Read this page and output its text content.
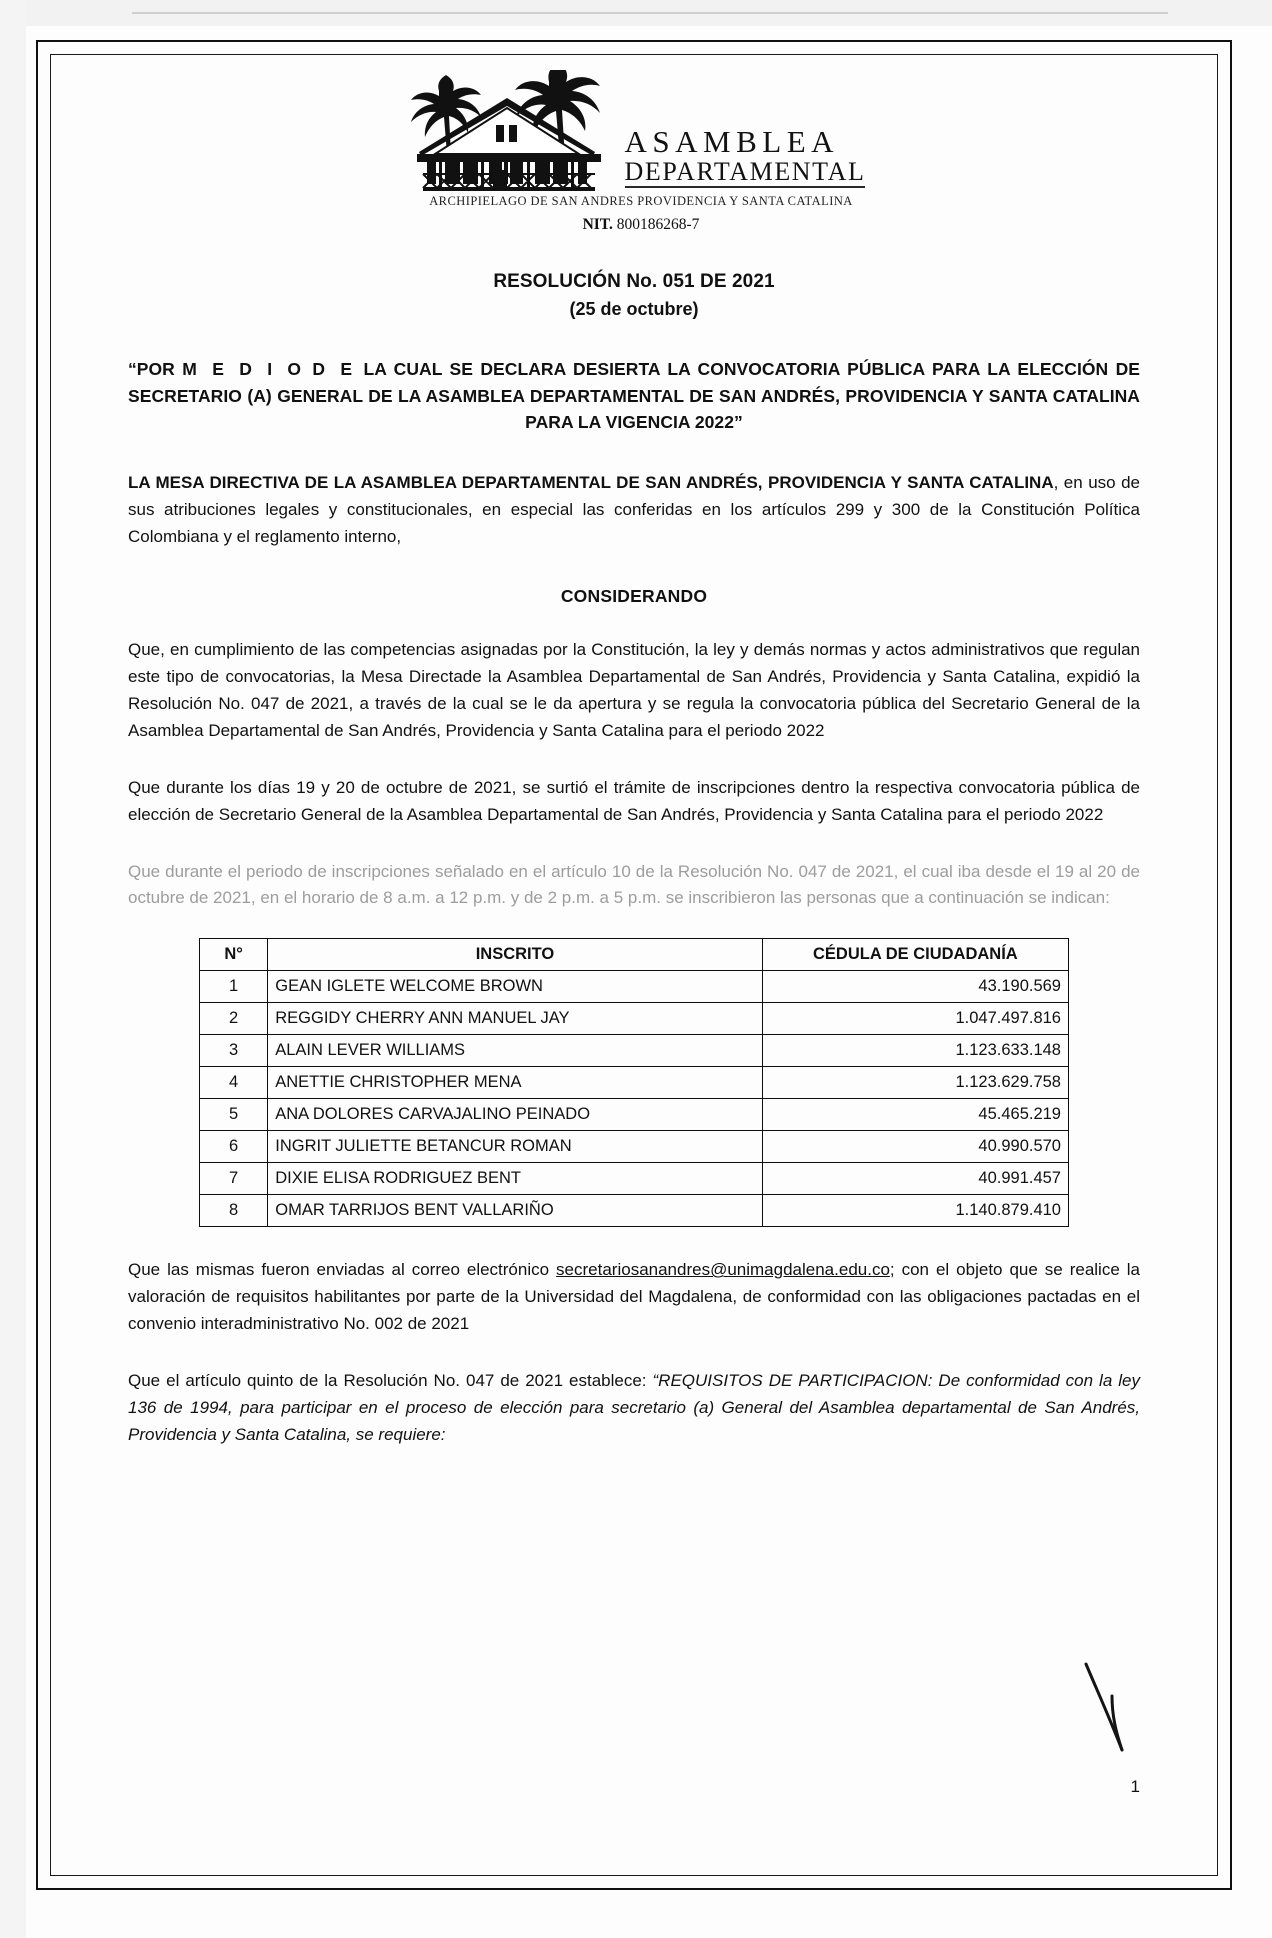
ASAMBLEA
DEPARTAMENTAL
ARCHIPIELAGO DE SAN ANDRES PROVIDENCIA Y SANTA CATALINA
NIT. 800186268-7
RESOLUCIÓN No. 051 DE 2021
(25 de octubre)
“POR M E D I O D E LA CUAL SE DECLARA DESIERTA LA CONVOCATORIA PÚBLICA PARA LA ELECCIÓN DE SECRETARIO (A) GENERAL DE LA ASAMBLEA DEPARTAMENTAL DE SAN ANDRÉS, PROVIDENCIA Y SANTA CATALINA PARA LA VIGENCIA 2022”
LA MESA DIRECTIVA DE LA ASAMBLEA DEPARTAMENTAL DE SAN ANDRÉS, PROVIDENCIA Y SANTA CATALINA, en uso de sus atribuciones legales y constitucionales, en especial las conferidas en los artículos 299 y 300 de la Constitución Política Colombiana y el reglamento interno,
CONSIDERANDO

Que, en cumplimiento de las competencias asignadas por la Constitución, la ley y demás normas y actos administrativos que regulan este tipo de convocatorias, la Mesa Directade la Asamblea Departamental de San Andrés, Providencia y Santa Catalina, expidió la Resolución No. 047 de 2021, a través de la cual se le da apertura y se regula la convocatoria pública del Secretario General de la Asamblea Departamental de San Andrés, Providencia y Santa Catalina para el periodo 2022

Que durante los días 19 y 20 de octubre de 2021, se surtió el trámite de inscripciones dentro la respectiva convocatoria pública de elección de Secretario General de la Asamblea Departamental de San Andrés, Providencia y Santa Catalina para el periodo 2022

Que durante el periodo de inscripciones señalado en el artículo 10 de la Resolución No. 047 de 2021, el cual iba desde el 19 al 20 de octubre de 2021, en el horario de 8 a.m. a 12 p.m. y de 2 p.m. a 5 p.m. se inscribieron las personas que a continuación se indican:

N°	INSCRITO	CÉDULA DE CIUDADANÍA
1	GEAN IGLETE WELCOME BROWN	43.190.569
2	REGGIDY CHERRY ANN MANUEL JAY	1.047.497.816
3	ALAIN LEVER WILLIAMS	1.123.633.148
4	ANETTIE CHRISTOPHER MENA	1.123.629.758
5	ANA DOLORES CARVAJALINO PEINADO	45.465.219
6	INGRIT JULIETTE BETANCUR ROMAN	40.990.570
7	DIXIE ELISA RODRIGUEZ BENT	40.991.457
8	OMAR TARRIJOS BENT VALLARIÑO	1.140.879.410

Que las mismas fueron enviadas al correo electrónico secretariosanandres@unimagdalena.edu.co; con el objeto que se realice la valoración de requisitos habilitantes por parte de la Universidad del Magdalena, de conformidad con las obligaciones pactadas en el convenio interadministrativo No. 002 de 2021

Que el artículo quinto de la Resolución No. 047 de 2021 establece: “REQUISITOS DE PARTICIPACION: De conformidad con la ley 136 de 1994, para participar en el proceso de elección para secretario (a) General del Asamblea departamental de San Andrés, Providencia y Santa Catalina, se requiere:

1
